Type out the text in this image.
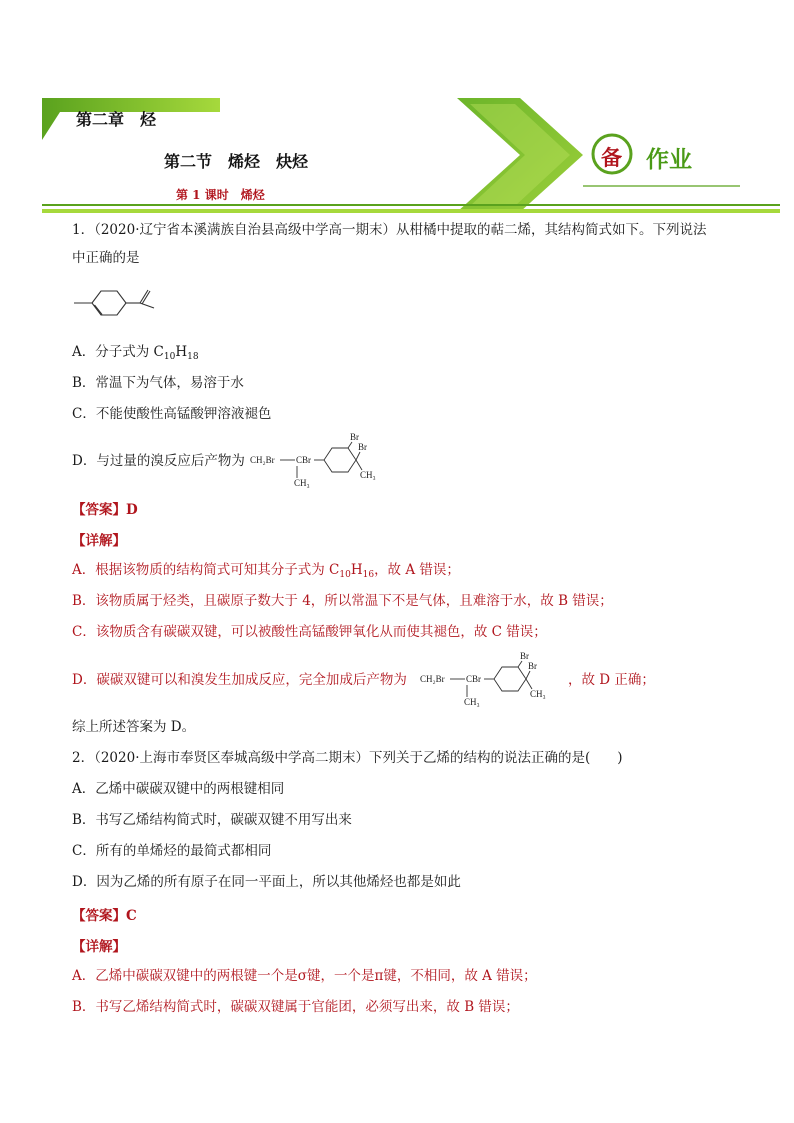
第二章　烃
第二节　烯烃　炔烃
第 1 课时　烯烃
备 作业
1．（2020·辽宁省本溪满族自治县高级中学高一期末）从柑橘中提取的萜二烯，其结构简式如下。下列说法
中正确的是
A．分子式为 $C_{10}H_{18}$
B．常温下为气体，易溶于水
C．不能使酸性高锰酸钾溶液褪色
D．与过量的溴反应后产物为 CH₂Br CBr
Br
Br
CH₃
CH₃
【答案】D
【详解】
A．根据该物质的结构简式可知其分子式为 $C_{10}H_{16}$，故 A 错误；
B．该物质属于烃类，且碳原子数大于 4，所以常温下不是气体，且难溶于水，故 B 错误；
C．该物质含有碳碳双键，可以被酸性高锰酸钾氧化从而使其褪色，故 C 错误；
D．碳碳双键可以和溴发生加成反应，完全加成后产物为 CH₂Br CBr
Br
Br
CH₃
CH₃
，故 D 正确；
综上所述答案为 D。
2．（2020·上海市奉贤区奉城高级中学高二期末）下列关于乙烯的结构的说法正确的是(　　)
A．乙烯中碳碳双键中的两根键相同
B．书写乙烯结构简式时，碳碳双键不用写出来
C．所有的单烯烃的最简式都相同
D．因为乙烯的所有原子在同一平面上，所以其他烯烃也都是如此
【答案】C
【详解】
A．乙烯中碳碳双键中的两根键一个是σ键，一个是π键，不相同，故 A 错误；
B．书写乙烯结构简式时，碳碳双键属于官能团，必须写出来，故 B 错误；
